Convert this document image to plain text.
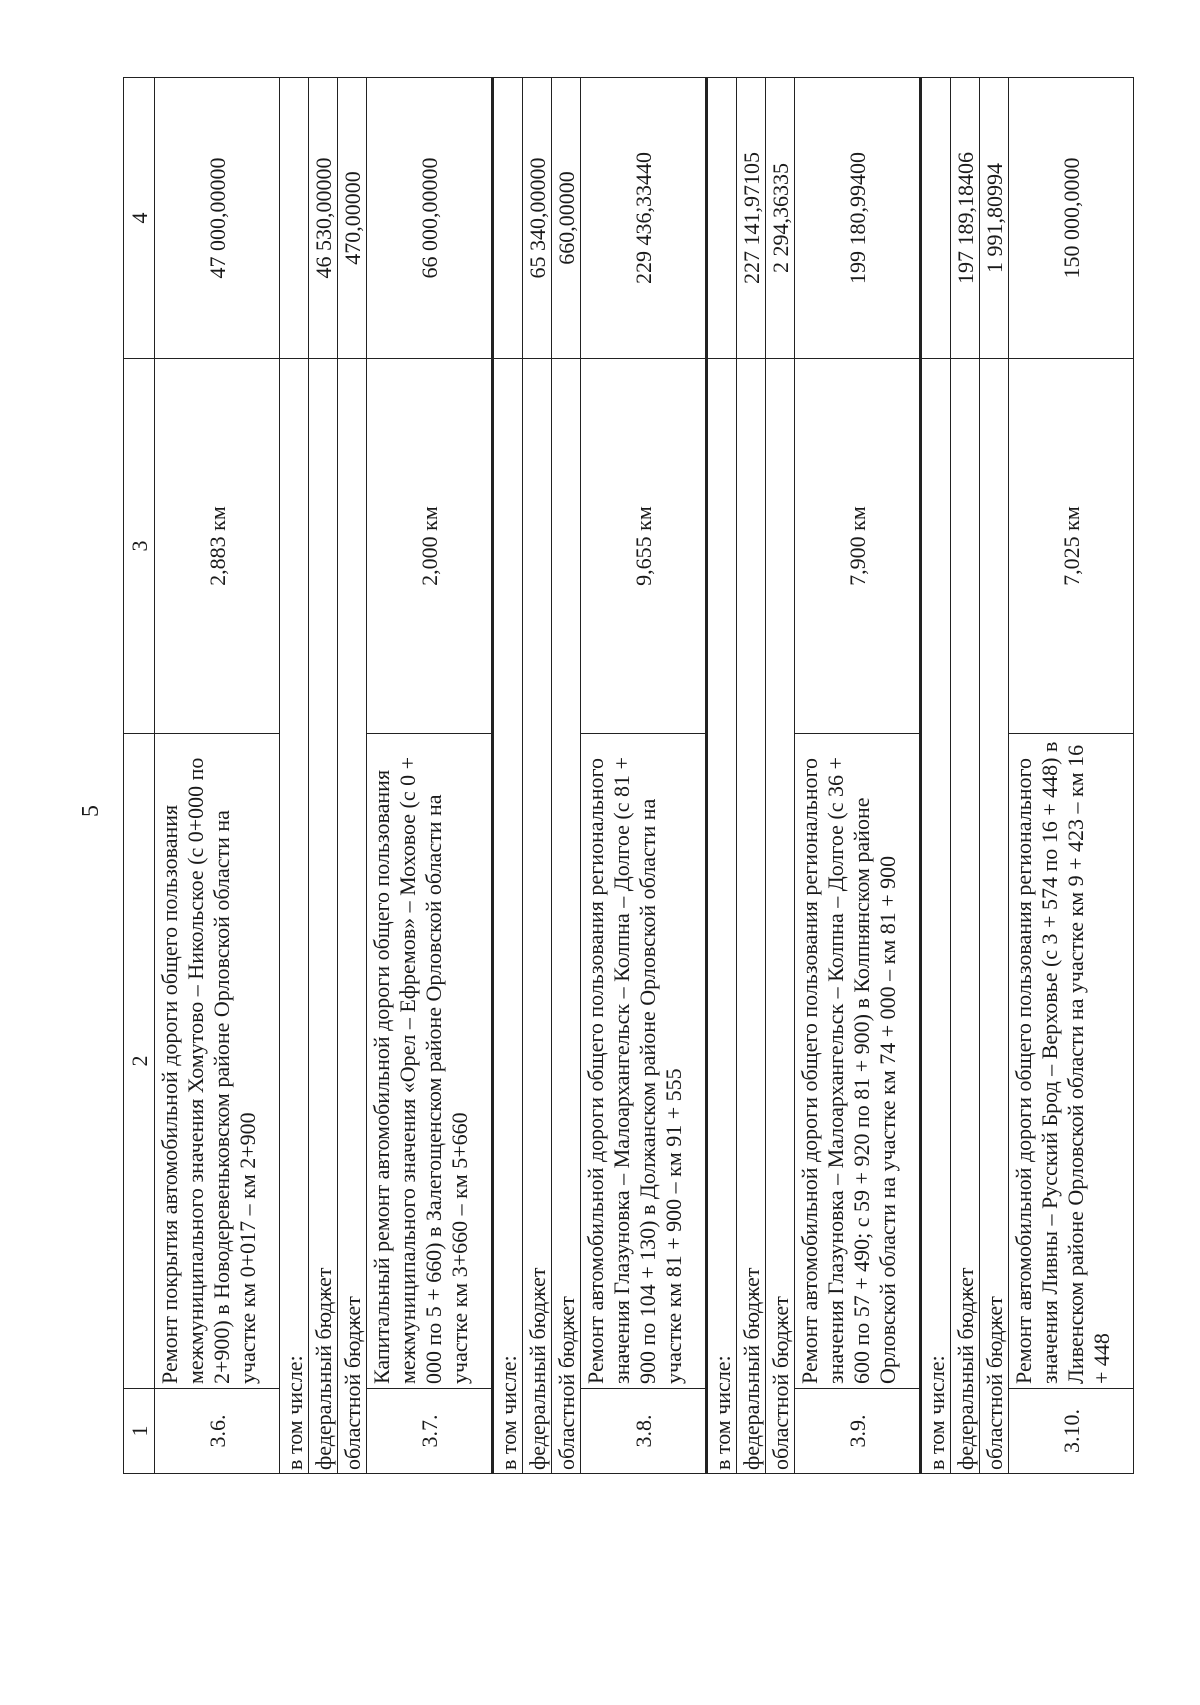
5
1	2	3	4
3.6.	Ремонт покрытия автомобильной дороги общего пользования межмуниципального значения Хомутово – Никольское (с 0+000 по 2+900) в Новодеревеньковском районе Орловской области на участке км 0+017 – км 2+900	2,883 км	47 000,00000
в том числе:			
федеральный бюджет			46 530,00000
областной бюджет			470,00000
3.7.	Капитальный ремонт автомобильной дороги общего пользования межмуниципального значения «Орел – Ефремов» – Моховое (с 0 + 000 по 5 + 660) в Залегощенском районе Орловской области на участке км 3+660 – км 5+660	2,000 км	66 000,00000
в том числе:			
федеральный бюджет			65 340,00000
областной бюджет			660,00000
3.8.	Ремонт автомобильной дороги общего пользования регионального значения Глазуновка – Малоархангельск – Колпна – Долгое (с 81 + 900 по 104 + 130) в Должанском районе Орловской области на участке км 81 + 900 – км 91 + 555	9,655 км	229 436,33440
в том числе:			
федеральный бюджет			227 141,97105
областной бюджет			2 294,36335
3.9.	Ремонт автомобильной дороги общего пользования регионального значения Глазуновка – Малоархангельск – Колпна – Долгое (с 36 + 600 по 57 + 490; с 59 + 920 по 81 + 900) в Колпнянском районе Орловской области на участке км 74 + 000 – км 81 + 900	7,900 км	199 180,99400
в том числе:			
федеральный бюджет			197 189,18406
областной бюджет			1 991,80994
3.10.	Ремонт автомобильной дороги общего пользования регионального значения Ливны – Русский Брод – Верховье (с 3 + 574 по 16 + 448) в Ливенском районе Орловской области на участке км 9 + 423 – км 16 + 448	7,025 км	150 000,0000
